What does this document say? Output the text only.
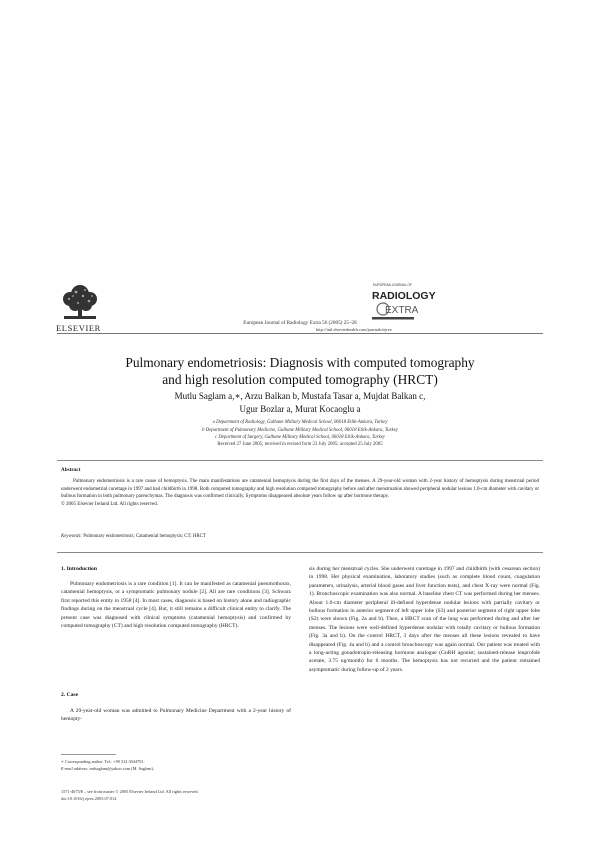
ELSEVIER	European Journal of Radiology Extra 56 (2005) 25–28
EUROPEAN JOURNAL OF
RADIOLOGY
EXTRA
http://intl.elsevierhealth.com/journals/ejrex
Pulmonary endometriosis: Diagnosis with computed tomography
and high resolution computed tomography (HRCT)
Mutlu Saglam a,∗, Arzu Balkan b, Mustafa Tasar a, Mujdat Balkan c,
Ugur Bozlar a, Murat Kocaoglu a
a Department of Radiology, Gulhane Military Medical School, 06018 Etlik-Ankara, Turkey
b Department of Pulmonary Medicine, Gulhane Military Medical School, 06018 Etlik-Ankara, Turkey
c Department of Surgery, Gulhane Military Medical School, 06018 Etlik-Ankara, Turkey
Received 27 June 2005; received in revised form 23 July 2005; accepted 25 July 2005
Abstract
Pulmonary endometriosis is a rare cause of hemoptysis. The main manifestations are catamenial hemoptysis during the first days of the menses. A 29-year-old woman with 2-year history of hemoptysis during menstrual period underwent endometrial curettage in 1997 and had childbirth in 1998. Both computed tomography and high resolution computed tomography before and after menstruation showed peripheral nodular lesions 1.0-cm diameter with cavitary or bullous formation in both pulmonary parenchymas. The diagnosis was confirmed clinically. Symptoms disappeared absolute years follow up after hormone therapy.
© 2005 Elsevier Ireland Ltd. All rights reserved.
Keywords: Pulmonary endometriosis; Catamenial hemoptysis; CT; HRCT
1. Introduction

Pulmonary endometriosis is a rare condition [1]. It can be manifested as catamenial pneumothorax, catamenial hemoptysis, or a symptomatic pulmonary nodule [2]. All are rare conditions [3]. Schwarz first reported this entity in 1958 [4]. In most cases, diagnosis is based on history alone and radiographic findings during on the menstrual cycle [4]. But, it still remains a difficult clinical entity to clarify. The present case was diagnosed with clinical symptoms (catamenial hemoptysis) and confirmed by computed tomography (CT) and high resolution computed tomography (HRCT).

2. Case

A 29-year-old woman was admitted to Pulmonary Medicine Department with a 2-year history of hemopty-

sis during her menstrual cycles. She underwent curettage in 1997 and childbirth (with cesarean section) in 1998. Her physical examination, laboratory studies (such as complete blood count, coagulation parameters, urinalysis, arterial blood gases and liver function tests), and chest X-ray were normal (Fig. 1). Bronchoscopic examination was also normal. A baseline chest CT was performed during her menses. About 1.0-cm diameter peripheral ill-defined hyperdense nodular lesions with partially cavitary or bullous formation in anterior segment of left upper lobe (S3) and posterior segment of right upper lobe (S2) were shown (Fig. 2a and b). Then, a HRCT scan of the lung was performed during and after her menses. The lesions were well-defined hyperdense nodular with totally cavitary or bullous formation (Fig. 3a and b). On the control HRCT, 3 days after the menses all these lesions revealed to have disappeared (Fig. 4a and b) and a control bronchoscopy was again normal. Our patient was treated with a long-acting gonadotropin-releasing hormone analogue (GnRH agonist; sustained-release leuprolide acetate, 3.75 ng/month) for 6 months. The hemoptysis has not recurred and the patient remained asymptomatic during follow-up of 2 years.

∗ Corresponding author. Tel.: +90 312 3044701.
E-mail address: mdsaglam@yahoo.com (M. Saglam).
1571-4675/$ – see front matter © 2005 Elsevier Ireland Ltd. All rights reserved.
doi:10.1016/j.ejrex.2005.07.014
